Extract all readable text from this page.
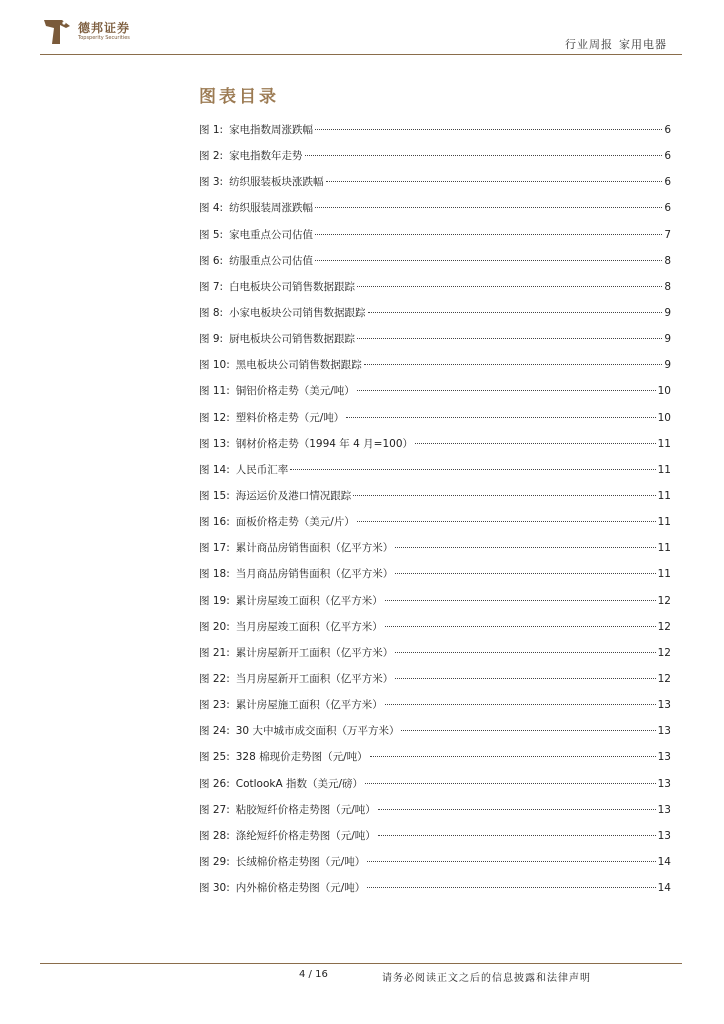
德邦证券
Topsperity Securities
行业周报 家用电器
图表目录
图 1: 家电指数周涨跌幅	6
图 2: 家电指数年走势	6
图 3: 纺织服装板块涨跌幅	6
图 4: 纺织服装周涨跌幅	6
图 5: 家电重点公司估值	7
图 6: 纺服重点公司估值	8
图 7: 白电板块公司销售数据跟踪	8
图 8: 小家电板块公司销售数据跟踪	9
图 9: 厨电板块公司销售数据跟踪	9
图 10: 黑电板块公司销售数据跟踪	9
图 11: 铜铝价格走势（美元/吨）	10
图 12: 塑料价格走势（元/吨）	10
图 13: 钢材价格走势（1994 年 4 月=100）	11
图 14: 人民币汇率	11
图 15: 海运运价及港口情况跟踪	11
图 16: 面板价格走势（美元/片）	11
图 17: 累计商品房销售面积（亿平方米）	11
图 18: 当月商品房销售面积（亿平方米）	11
图 19: 累计房屋竣工面积（亿平方米）	12
图 20: 当月房屋竣工面积（亿平方米）	12
图 21: 累计房屋新开工面积（亿平方米）	12
图 22: 当月房屋新开工面积（亿平方米）	12
图 23: 累计房屋施工面积（亿平方米）	13
图 24: 30 大中城市成交面积（万平方米）	13
图 25: 328 棉现价走势图（元/吨）	13
图 26: CotlookA 指数（美元/磅）	13
图 27: 粘胶短纤价格走势图（元/吨）	13
图 28: 涤纶短纤价格走势图（元/吨）	13
图 29: 长绒棉价格走势图（元/吨）	14
图 30: 内外棉价格走势图（元/吨）	14
4 / 16	请务必阅读正文之后的信息披露和法律声明
